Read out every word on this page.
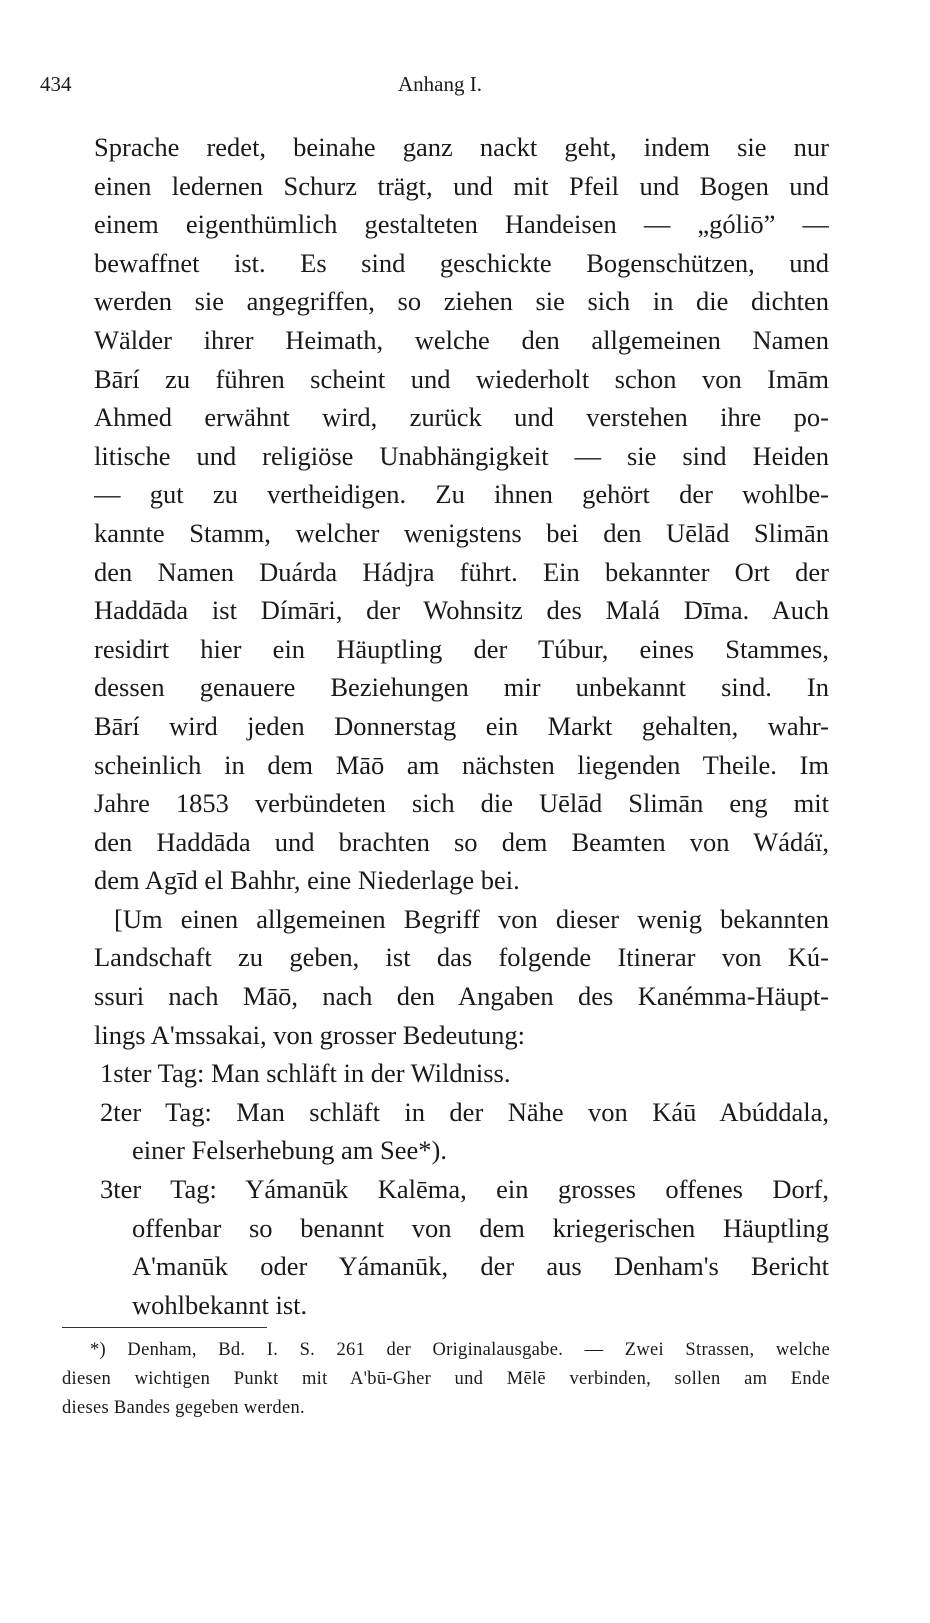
434	Anhang I.
Sprache redet, beinahe ganz nackt geht, indem sie nur
einen ledernen Schurz trägt, und mit Pfeil und Bogen und
einem eigenthümlich gestalteten Handeisen — „góliō” —
bewaffnet ist. Es sind geschickte Bogenschützen, und
werden sie angegriffen, so ziehen sie sich in die dichten
Wälder ihrer Heimath, welche den allgemeinen Namen
Bārí zu führen scheint und wiederholt schon von Imām
Ahmed erwähnt wird, zurück und verstehen ihre po-
litische und religiöse Unabhängigkeit — sie sind Heiden
— gut zu vertheidigen. Zu ihnen gehört der wohlbe-
kannte Stamm, welcher wenigstens bei den Uēlād Slimān
den Namen Duárda Hádjra führt. Ein bekannter Ort der
Haddāda ist Dímāri, der Wohnsitz des Malá Dīma. Auch
residirt hier ein Häuptling der Túbur, eines Stammes,
dessen genauere Beziehungen mir unbekannt sind. In
Bārí wird jeden Donnerstag ein Markt gehalten, wahr-
scheinlich in dem Māō am nächsten liegenden Theile. Im
Jahre 1853 verbündeten sich die Uēlād Slimān eng mit
den Haddāda und brachten so dem Beamten von Wádáï,
dem Agīd el Bahhr, eine Niederlage bei.
[Um einen allgemeinen Begriff von dieser wenig bekannten
Landschaft zu geben, ist das folgende Itinerar von Kú-
ssuri nach Māō, nach den Angaben des Kanémma-Häupt-
lings A'mssakai, von grosser Bedeutung:
1ster Tag: Man schläft in der Wildniss.
2ter Tag: Man schläft in der Nähe von Káū Abúddala,
einer Felserhebung am See*).
3ter Tag: Yámanūk Kalēma, ein grosses offenes Dorf,
offenbar so benannt von dem kriegerischen Häuptling
A'manūk oder Yámanūk, der aus Denham's Bericht
wohlbekannt ist.
*) Denham, Bd. I. S. 261 der Originalausgabe. — Zwei Strassen, welche
diesen wichtigen Punkt mit A'bū-Gher und Mēlē verbinden, sollen am Ende
dieses Bandes gegeben werden.
